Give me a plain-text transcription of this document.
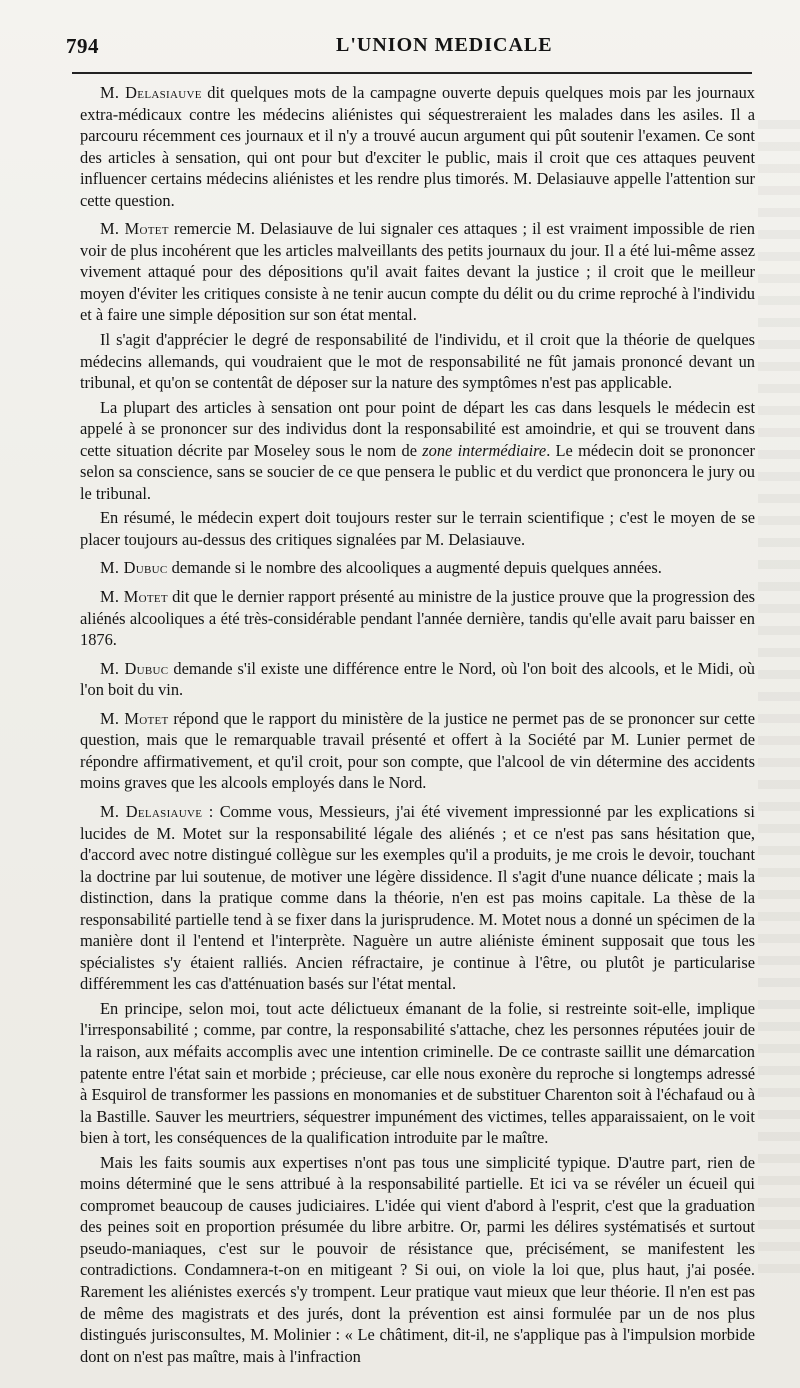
794	L'UNION MEDICALE

M. Delasiauve dit quelques mots de la campagne ouverte depuis quelques mois par les journaux extra-médicaux contre les médecins aliénistes qui séquestreraient les malades dans les asiles. Il a parcouru récemment ces journaux et il n'y a trouvé aucun argument qui pût soutenir l'examen. Ce sont des articles à sensation, qui ont pour but d'exciter le public, mais il croit que ces attaques peuvent influencer certains médecins aliénistes et les rendre plus timorés. M. Delasiauve appelle l'attention sur cette question.

M. Motet remercie M. Delasiauve de lui signaler ces attaques ; il est vraiment impossible de rien voir de plus incohérent que les articles malveillants des petits journaux du jour. Il a été lui-même assez vivement attaqué pour des dépositions qu'il avait faites devant la justice ; il croit que le meilleur moyen d'éviter les critiques consiste à ne tenir aucun compte du délit ou du crime reproché à l'individu et à faire une simple déposition sur son état mental.

Il s'agit d'apprécier le degré de responsabilité de l'individu, et il croit que la théorie de quelques médecins allemands, qui voudraient que le mot de responsabilité ne fût jamais prononcé devant un tribunal, et qu'on se contentât de déposer sur la nature des symptômes n'est pas applicable.

La plupart des articles à sensation ont pour point de départ les cas dans lesquels le médecin est appelé à se prononcer sur des individus dont la responsabilité est amoindrie, et qui se trouvent dans cette situation décrite par Moseley sous le nom de zone intermédiaire. Le médecin doit se prononcer selon sa conscience, sans se soucier de ce que pensera le public et du verdict que prononcera le jury ou le tribunal.

En résumé, le médecin expert doit toujours rester sur le terrain scientifique ; c'est le moyen de se placer toujours au-dessus des critiques signalées par M. Delasiauve.

M. Dubuc demande si le nombre des alcooliques a augmenté depuis quelques années.

M. Motet dit que le dernier rapport présenté au ministre de la justice prouve que la progression des aliénés alcooliques a été très-considérable pendant l'année dernière, tandis qu'elle avait paru baisser en 1876.

M. Dubuc demande s'il existe une différence entre le Nord, où l'on boit des alcools, et le Midi, où l'on boit du vin.

M. Motet répond que le rapport du ministère de la justice ne permet pas de se prononcer sur cette question, mais que le remarquable travail présenté et offert à la Société par M. Lunier permet de répondre affirmativement, et qu'il croit, pour son compte, que l'alcool de vin détermine des accidents moins graves que les alcools employés dans le Nord.

M. Delasiauve : Comme vous, Messieurs, j'ai été vivement impressionné par les explications si lucides de M. Motet sur la responsabilité légale des aliénés ; et ce n'est pas sans hésitation que, d'accord avec notre distingué collègue sur les exemples qu'il a produits, je me crois le devoir, touchant la doctrine par lui soutenue, de motiver une légère dissidence. Il s'agit d'une nuance délicate ; mais la distinction, dans la pratique comme dans la théorie, n'en est pas moins capitale. La thèse de la responsabilité partielle tend à se fixer dans la jurisprudence. M. Motet nous a donné un spécimen de la manière dont il l'entend et l'interprète. Naguère un autre aliéniste éminent supposait que tous les spécialistes s'y étaient ralliés. Ancien réfractaire, je continue à l'être, ou plutôt je particularise différemment les cas d'atténuation basés sur l'état mental.

En principe, selon moi, tout acte délictueux émanant de la folie, si restreinte soit-elle, implique l'irresponsabilité ; comme, par contre, la responsabilité s'attache, chez les personnes réputées jouir de la raison, aux méfaits accomplis avec une intention criminelle. De ce contraste saillit une démarcation patente entre l'état sain et morbide ; précieuse, car elle nous exonère du reproche si longtemps adressé à Esquirol de transformer les passions en monomanies et de substituer Charenton soit à l'échafaud ou à la Bastille. Sauver les meurtriers, séquestrer impunément des victimes, telles apparaissaient, on le voit bien à tort, les conséquences de la qualification introduite par le maître.

Mais les faits soumis aux expertises n'ont pas tous une simplicité typique. D'autre part, rien de moins déterminé que le sens attribué à la responsabilité partielle. Et ici va se révéler un écueil qui compromet beaucoup de causes judiciaires. L'idée qui vient d'abord à l'esprit, c'est que la graduation des peines soit en proportion présumée du libre arbitre. Or, parmi les délires systématisés et surtout pseudo-maniaques, c'est sur le pouvoir de résistance que, précisément, se manifestent les contradictions. Condamnera-t-on en mitigeant ? Si oui, on viole la loi que, plus haut, j'ai posée. Rarement les aliénistes exercés s'y trompent. Leur pratique vaut mieux que leur théorie. Il n'en est pas de même des magistrats et des jurés, dont la prévention est ainsi formulée par un de nos plus distingués jurisconsultes, M. Molinier : « Le châtiment, dit-il, ne s'applique pas à l'impulsion morbide dont on n'est pas maître, mais à l'infraction
